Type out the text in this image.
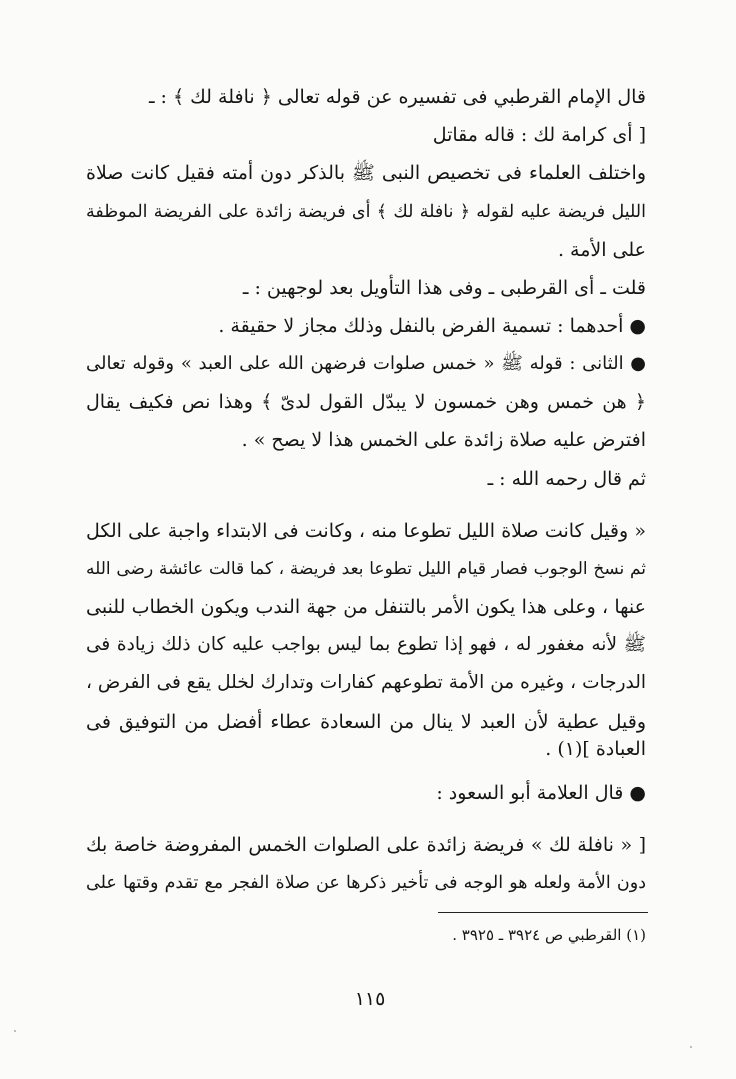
قال الإمام القرطبي فى تفسيره عن قوله تعالى ﴿ نافلة لك ﴾ : ـ
[ أى كرامة لك : قاله مقاتل
واختلف العلماء فى تخصيص النبى ﷺ بالذكر دون أمته فقيل كانت صلاة
الليل فريضة عليه لقوله ﴿ نافلة لك ﴾ أى فريضة زائدة على الفريضة الموظفة
على الأمة .
قلت ـ أى القرطبى ـ وفى هذا التأويل بعد لوجهين : ـ
● أحدهما : تسمية الفرض بالنفل وذلك مجاز لا حقيقة .
● الثانى : قوله ﷺ « خمس صلوات فرضهن الله على العبد » وقوله تعالى
﴿ هن خمس وهن خمسون لا يبدّل القول لدىّ ﴾ وهذا نص فكيف يقال
افترض عليه صلاة زائدة على الخمس هذا لا يصح » .
ثم قال رحمه الله : ـ
« وقيل كانت صلاة الليل تطوعا منه ، وكانت فى الابتداء واجبة على الكل
ثم نسخ الوجوب فصار قيام الليل تطوعا بعد فريضة ، كما قالت عائشة رضى الله
عنها ، وعلى هذا يكون الأمر بالتنفل من جهة الندب ويكون الخطاب للنبى
ﷺ لأنه مغفور له ، فهو إذا تطوع بما ليس بواجب عليه كان ذلك زيادة فى
الدرجات ، وغيره من الأمة تطوعهم كفارات وتدارك لخلل يقع فى الفرض ،
وقيل عطية لأن العبد لا ينال من السعادة عطاء أفضل من التوفيق فى
العبادة ](١) .
● قال العلامة أبو السعود :
[ « نافلة لك » فريضة زائدة على الصلوات الخمس المفروضة خاصة بك
دون الأمة ولعله هو الوجه فى تأخير ذكرها عن صلاة الفجر مع تقدم وقتها على
(١) القرطبي ص ٣٩٢٤ ـ ٣٩٢٥ .
١١٥
